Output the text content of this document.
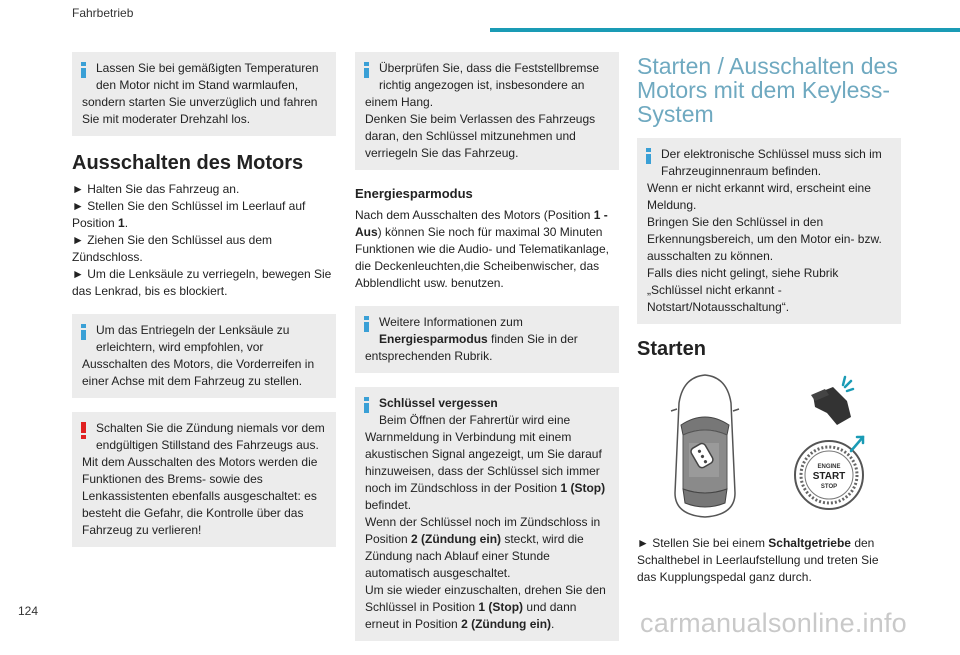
Fahrbetrieb

Lassen Sie bei gemäßigten Temperaturen den Motor nicht im Stand warmlaufen,

sondern starten Sie unverzüglich und fahren Sie mit moderater Drehzahl los.

Ausschalten des Motors

► Halten Sie das Fahrzeug an.

► Stellen Sie den Schlüssel im Leerlauf auf Position 1.

► Ziehen Sie den Schlüssel aus dem Zündschloss.

► Um die Lenksäule zu verriegeln, bewegen Sie das Lenkrad, bis es blockiert.

Um das Entriegeln der Lenksäule zu erleichtern, wird empfohlen, vor

Ausschalten des Motors, die Vorderreifen in einer Achse mit dem Fahrzeug zu stellen.

Schalten Sie die Zündung niemals vor dem endgültigen Stillstand des Fahrzeugs aus.

Mit dem Ausschalten des Motors werden die Funktionen des Brems- sowie des Lenkassistenten ebenfalls ausgeschaltet: es besteht die Gefahr, die Kontrolle über das Fahrzeug zu verlieren!

Überprüfen Sie, dass die Feststellbremse richtig angezogen ist, insbesondere an

einem Hang.

Denken Sie beim Verlassen des Fahrzeugs daran, den Schlüssel mitzunehmen und verriegeln Sie das Fahrzeug.

Energiesparmodus

Nach dem Ausschalten des Motors (Position 1 - Aus) können Sie noch für maximal 30 Minuten Funktionen wie die Audio- und Telematikanlage, die Deckenleuchten,die Scheibenwischer, das Abblendlicht usw. benutzen.

Weitere Informationen zum Energiesparmodus finden Sie in der

entsprechenden Rubrik.

Schlüssel vergessen

Beim Öffnen der Fahrertür wird eine

Warnmeldung in Verbindung mit einem akustischen Signal angezeigt, um Sie darauf hinzuweisen, dass der Schlüssel sich immer noch im Zündschloss in der Position 1 (Stop) befindet.

Wenn der Schlüssel noch im Zündschloss in Position 2 (Zündung ein) steckt, wird die Zündung nach Ablauf einer Stunde automatisch ausgeschaltet.

Um sie wieder einzuschalten, drehen Sie den Schlüssel in Position 1 (Stop) und dann erneut in Position 2 (Zündung ein).

Starten / Ausschalten des Motors mit dem Keyless-System

Der elektronische Schlüssel muss sich im Fahrzeuginnenraum befinden.

Wenn er nicht erkannt wird, erscheint eine Meldung.

Bringen Sie den Schlüssel in den Erkennungsbereich, um den Motor ein- bzw. ausschalten zu können.

Falls dies nicht gelingt, siehe Rubrik „Schlüssel nicht erkannt - Notstart/Notausschaltung“.

Starten
ENGINE
START
STOP

► Stellen Sie bei einem Schaltgetriebe den Schalthebel in Leerlaufstellung und treten Sie das Kupplungspedal ganz durch.

124	carmanualsonline.info
